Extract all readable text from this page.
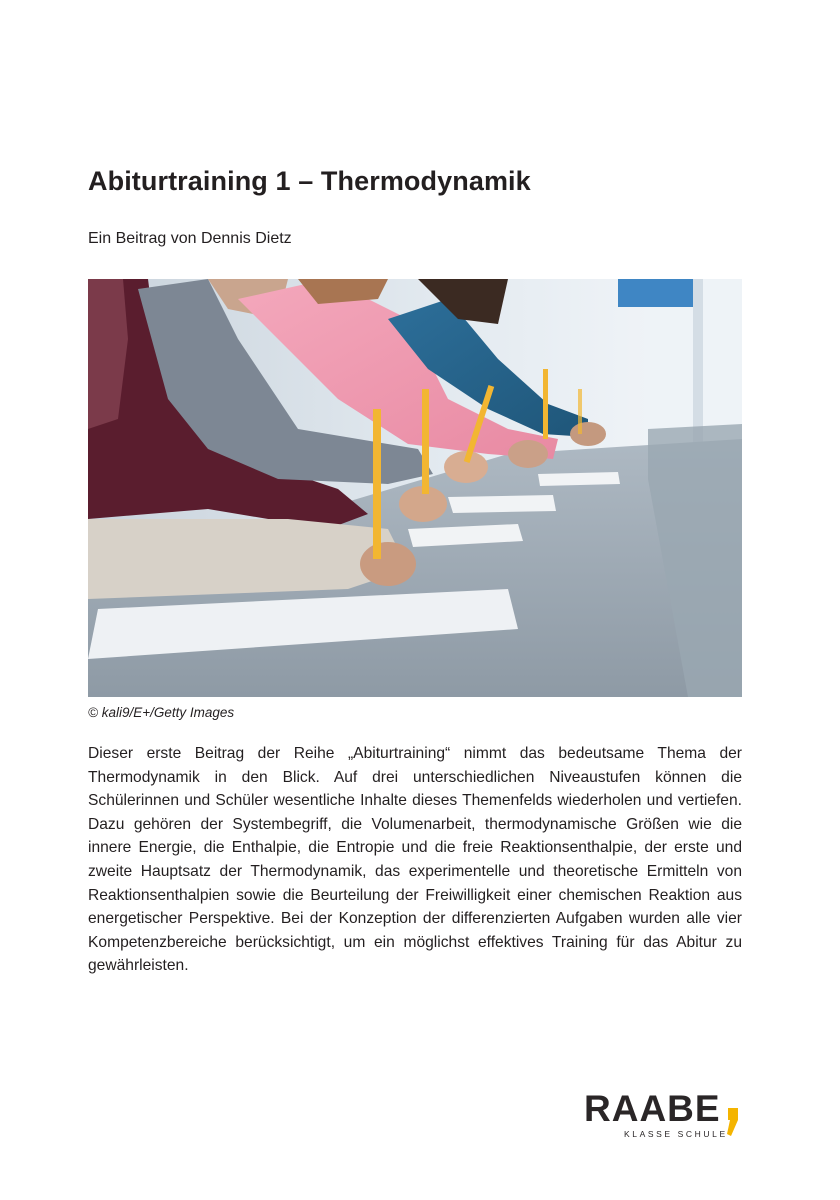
Abiturtraining 1 – Thermodynamik
Ein Beitrag von Dennis Dietz
© kali9/E+/Getty Images

Dieser erste Beitrag der Reihe „Abiturtraining“ nimmt das bedeutsame Thema der Thermodynamik in den Blick. Auf drei unterschiedlichen Niveaustufen können die Schülerinnen und Schüler wesentliche Inhalte dieses Themenfelds wiederholen und vertiefen. Dazu gehören der Systembegriff, die Volumenarbeit, thermodynamische Größen wie die innere Energie, die Enthalpie, die Entropie und die freie Reaktionsenthalpie, der erste und zweite Hauptsatz der Thermodynamik, das experimentelle und theoretische Ermitteln von Reaktionsenthalpien sowie die Beurteilung der Freiwilligkeit einer chemischen Reaktion aus energetischer Perspektive. Bei der Konzeption der differenzierten Aufgaben wurden alle vier Kompetenzbereiche berücksichtigt, um ein möglichst effektives Training für das Abitur zu gewährleisten.

RAABE
KLASSE SCHULE
